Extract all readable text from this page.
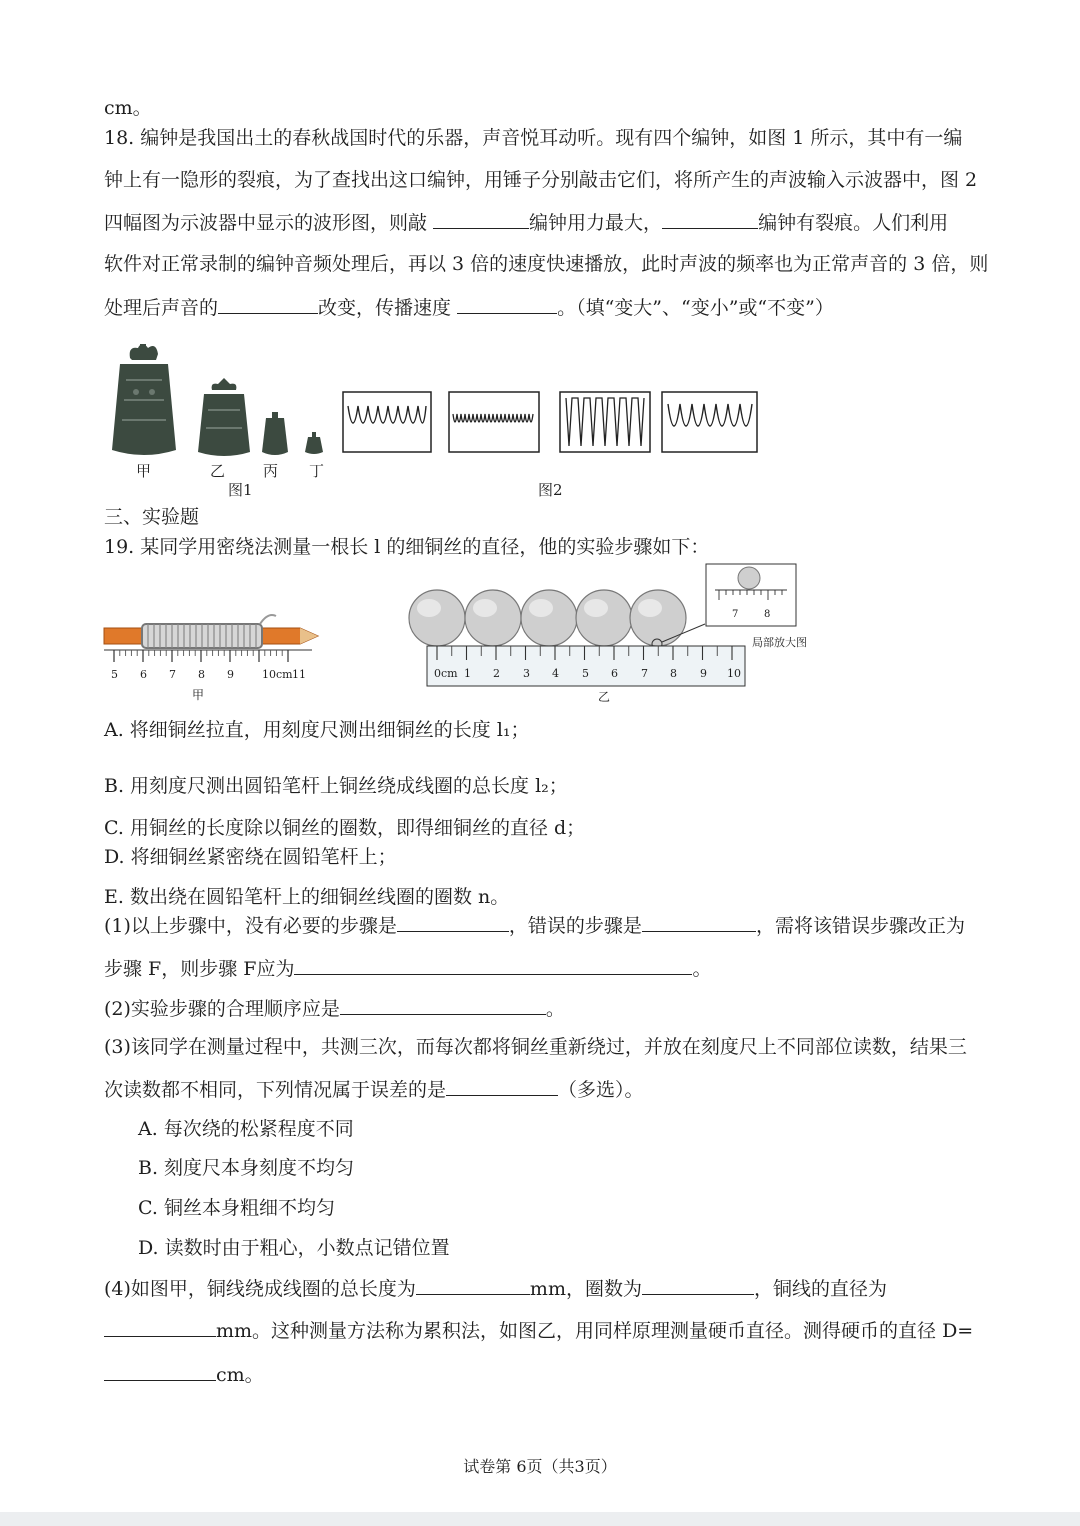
cm。
18. 编钟是我国出土的春秋战国时代的乐器，声音悦耳动听。现有四个编钟，如图 1 所示，其中有一编
钟上有一隐形的裂痕，为了查找出这口编钟，用锤子分别敲击它们，将所产生的声波输入示波器中，图 2
四幅图为示波器中显示的波形图，则敲	编钟用力最大，	编钟有裂痕。人们利用
软件对正常录制的编钟音频处理后，再以 3 倍的速度快速播放，此时声波的频率也为正常声音的 3 倍，则
处理后声音的	改变，传播速度	。（填“变大”、“变小”或“不变”）
甲	乙	丙 丁
图1	图2
三、实验题
19. 某同学用密绕法测量一根长 l 的细铜丝的直径，他的实验步骤如下：
5 6 7 8 9	10cm 11
甲
0cm 1 2 3 4 5 6 7 8 9 10
7	8
局部放大图
乙
A. 将细铜丝拉直，用刻度尺测出细铜丝的长度 l₁；
B. 用刻度尺测出圆铅笔杆上铜丝绕成线圈的总长度 l₂；
C. 用铜丝的长度除以铜丝的圈数，即得细铜丝的直径 d；
D. 将细铜丝紧密绕在圆铅笔杆上；
E. 数出绕在圆铅笔杆上的细铜丝线圈的圈数 n。
(1)以上步骤中，没有必要的步骤是	，错误的步骤是	，需将该错误步骤改正为
步骤 F，则步骤 F应为	。
(2)实验步骤的合理顺序应是	。
(3)该同学在测量过程中，共测三次，而每次都将铜丝重新绕过，并放在刻度尺上不同部位读数，结果三
次读数都不相同，下列情况属于误差的是	（多选）。
A. 每次绕的松紧程度不同
B. 刻度尺本身刻度不均匀
C. 铜丝本身粗细不均匀
D. 读数时由于粗心，小数点记错位置
(4)如图甲，铜线绕成线圈的总长度为	mm，圈数为	，铜线的直径为
mm。这种测量方法称为累积法，如图乙，用同样原理测量硬币直径。测得硬币的直径 D=
cm。
试卷第 6页（共3页）
